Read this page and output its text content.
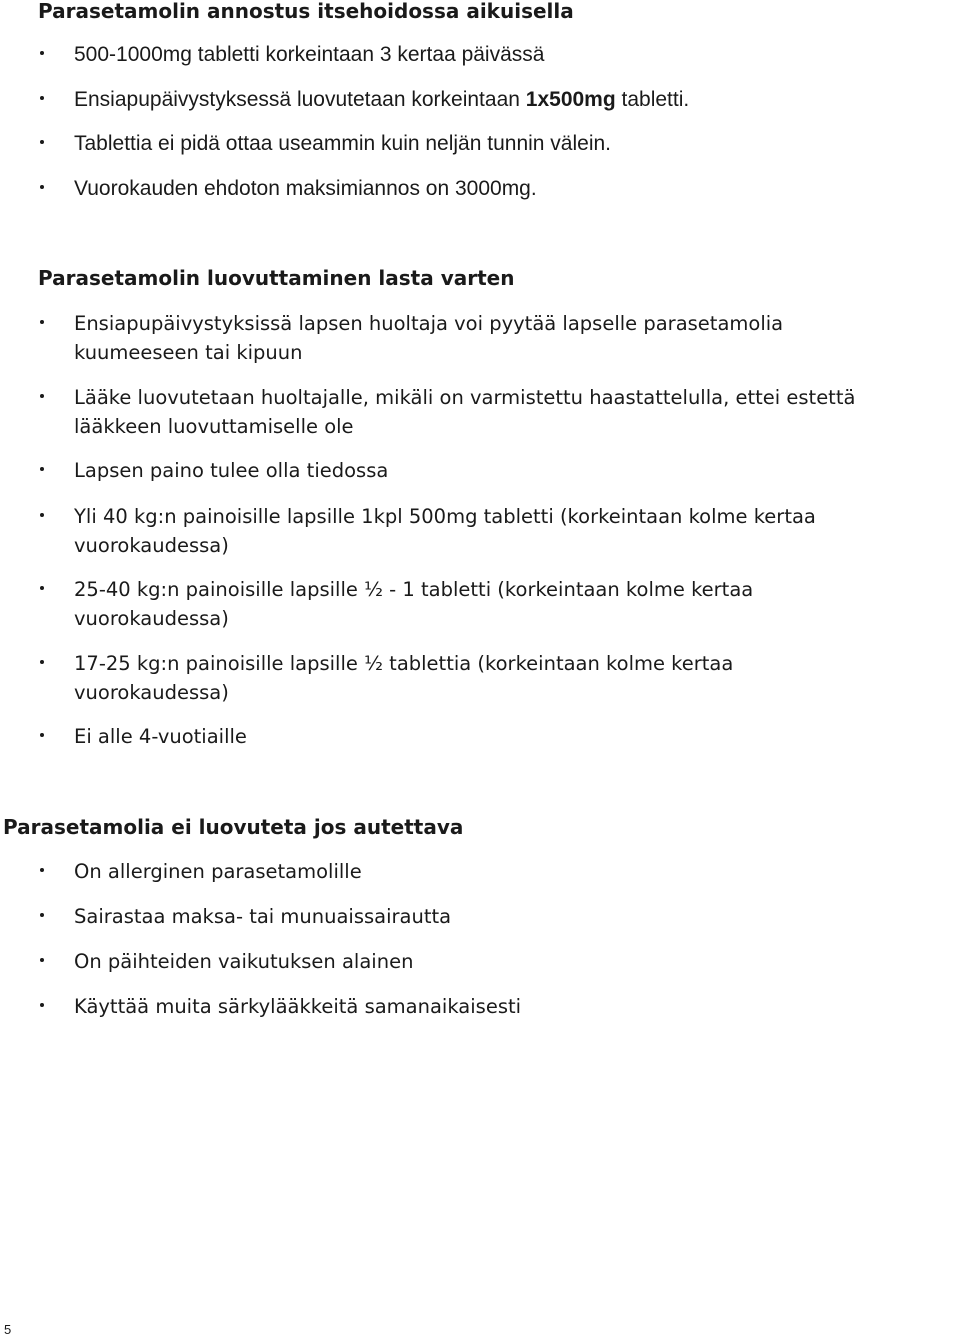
Parasetamolin annostus itsehoidossa aikuisella
500-1000mg tabletti korkeintaan 3 kertaa päivässä
Ensiapupäivystyksessä luovutetaan korkeintaan 1x500mg tabletti.
Tablettia ei pidä ottaa useammin kuin neljän tunnin välein.
Vuorokauden ehdoton maksimiannos on 3000mg.
Parasetamolin luovuttaminen lasta varten
Ensiapupäivystyksissä lapsen huoltaja voi pyytää lapselle parasetamolia
kuumeeseen tai kipuun
Lääke luovutetaan huoltajalle, mikäli on varmistettu haastattelulla, ettei estettä
lääkkeen luovuttamiselle ole
Lapsen paino tulee olla tiedossa
Yli 40 kg:n painoisille lapsille 1kpl 500mg tabletti (korkeintaan kolme kertaa
vuorokaudessa)
25-40 kg:n painoisille lapsille ½ - 1 tabletti (korkeintaan kolme kertaa
vuorokaudessa)
17-25 kg:n painoisille lapsille ½ tablettia (korkeintaan kolme kertaa
vuorokaudessa)
Ei alle 4-vuotiaille
Parasetamolia ei luovuteta jos autettava
On allerginen parasetamolille
Sairastaa maksa- tai munuaissairautta
On päihteiden vaikutuksen alainen
Käyttää muita särkylääkkeitä samanaikaisesti
5
